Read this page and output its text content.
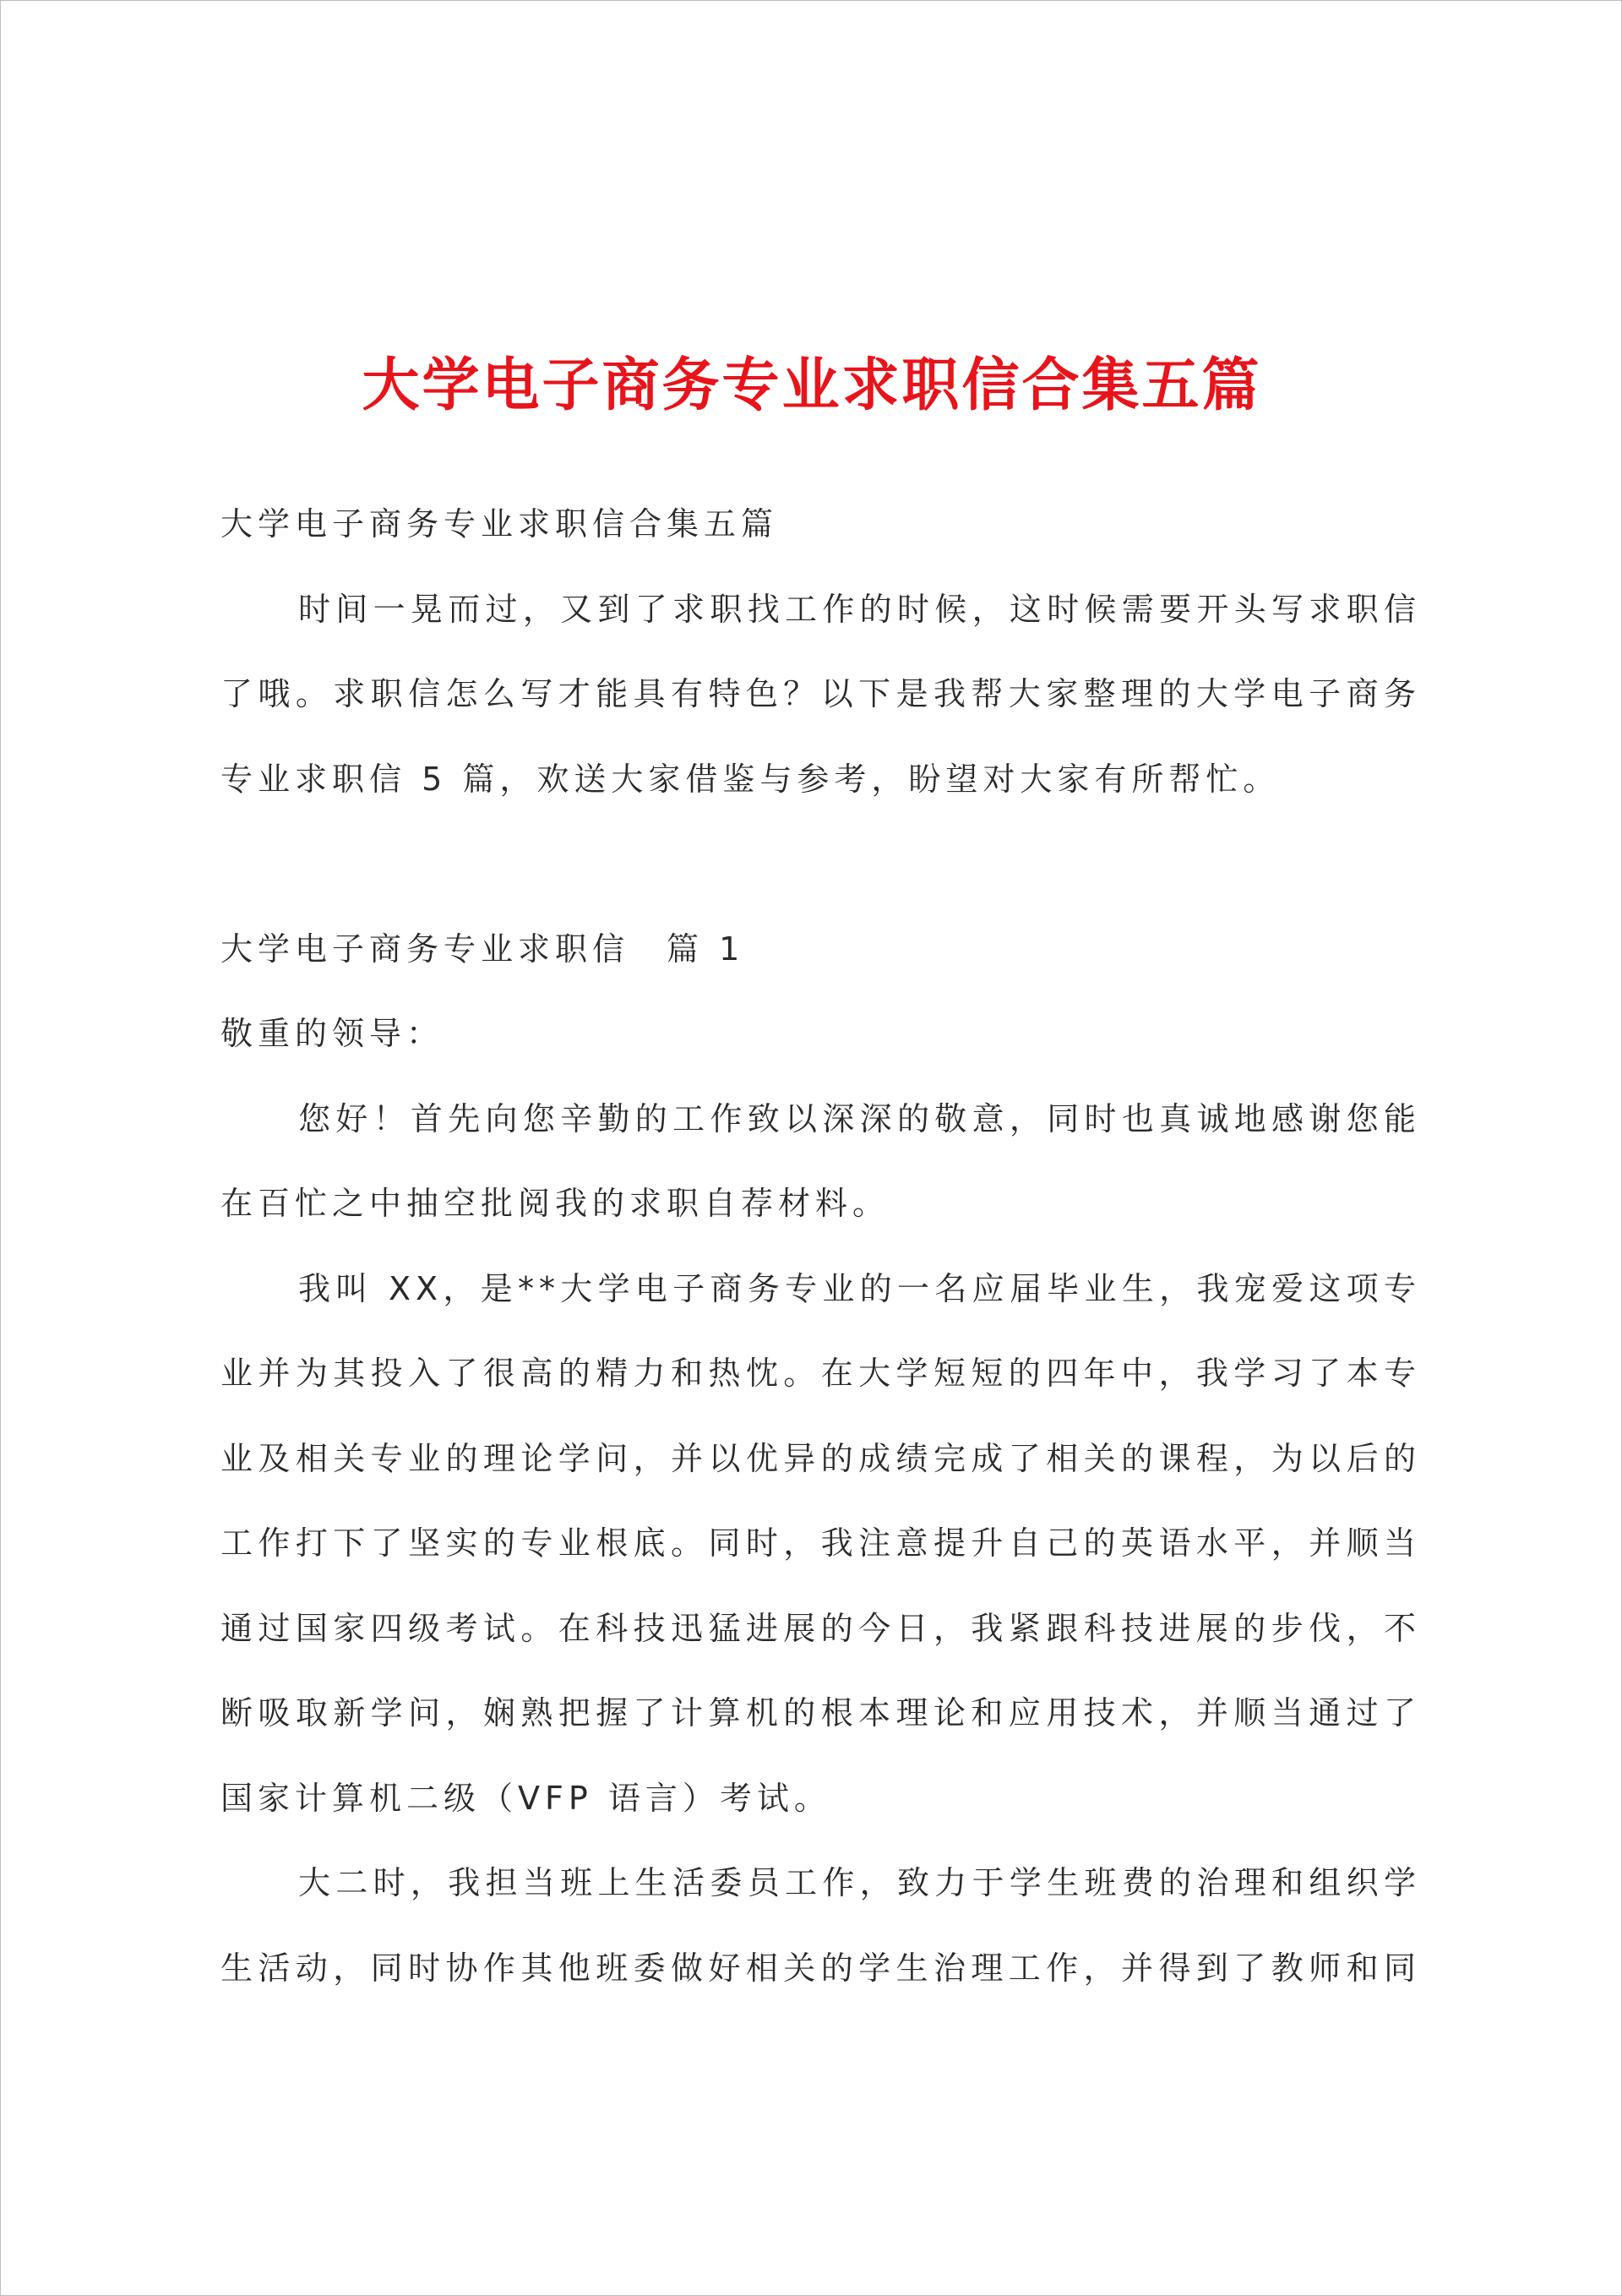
大学电子商务专业求职信合集五篇
大学电子商务专业求职信合集五篇
时间一晃而过，又到了求职找工作的时候，这时候需要开头写求职信
了哦。求职信怎么写才能具有特色？以下是我帮大家整理的大学电子商务
专业求职信 5 篇，欢送大家借鉴与参考，盼望对大家有所帮忙。
大学电子商务专业求职信　篇 1
敬重的领导：
您好！首先向您辛勤的工作致以深深的敬意，同时也真诚地感谢您能
在百忙之中抽空批阅我的求职自荐材料。
我叫 XX，是**大学电子商务专业的一名应届毕业生，我宠爱这项专
业并为其投入了很高的精力和热忱。在大学短短的四年中，我学习了本专
业及相关专业的理论学问，并以优异的成绩完成了相关的课程，为以后的
工作打下了坚实的专业根底。同时，我注意提升自己的英语水平，并顺当
通过国家四级考试。在科技迅猛进展的今日，我紧跟科技进展的步伐，不
断吸取新学问，娴熟把握了计算机的根本理论和应用技术，并顺当通过了
国家计算机二级（VFP 语言）考试。
大二时，我担当班上生活委员工作，致力于学生班费的治理和组织学
生活动，同时协作其他班委做好相关的学生治理工作，并得到了教师和同
